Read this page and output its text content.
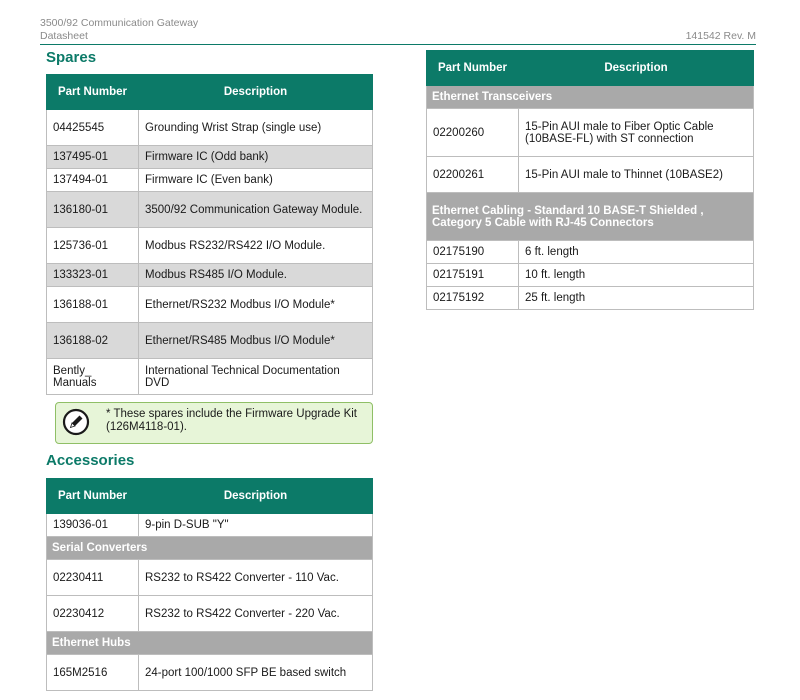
3500/92 Communication Gateway
Datasheet	141542 Rev. M
Spares
Part Number	Description
04425545	Grounding Wrist Strap (single use)
137495-01	Firmware IC (Odd bank)
137494-01	Firmware IC (Even bank)
136180-01	3500/92 Communication Gateway Module.
125736-01	Modbus RS232/RS422 I/O Module.
133323-01	Modbus RS485 I/O Module.
136188-01	Ethernet/RS232 Modbus I/O Module*
136188-02	Ethernet/RS485 Modbus I/O Module*
Bently_ Manuals	International Technical Documentation DVD
* These spares include the Firmware Upgrade Kit (126M4118-01).
Accessories
Part Number	Description
139036-01	9-pin D-SUB "Y"
Serial Converters	
02230411	RS232 to RS422 Converter - 110 Vac.
02230412	RS232 to RS422 Converter - 220 Vac.
Ethernet Hubs	
165M2516	24-port 100/1000 SFP BE based switch
Part Number	Description
Ethernet Transceivers	
02200260	15-Pin AUI male to Fiber Optic Cable (10BASE-FL) with ST connection
02200261	15-Pin AUI male to Thinnet (10BASE2)
Ethernet Cabling - Standard 10 BASE-T Shielded , Category 5 Cable with RJ-45 Connectors	
02175190	6 ft. length
02175191	10 ft. length
02175192	25 ft. length
